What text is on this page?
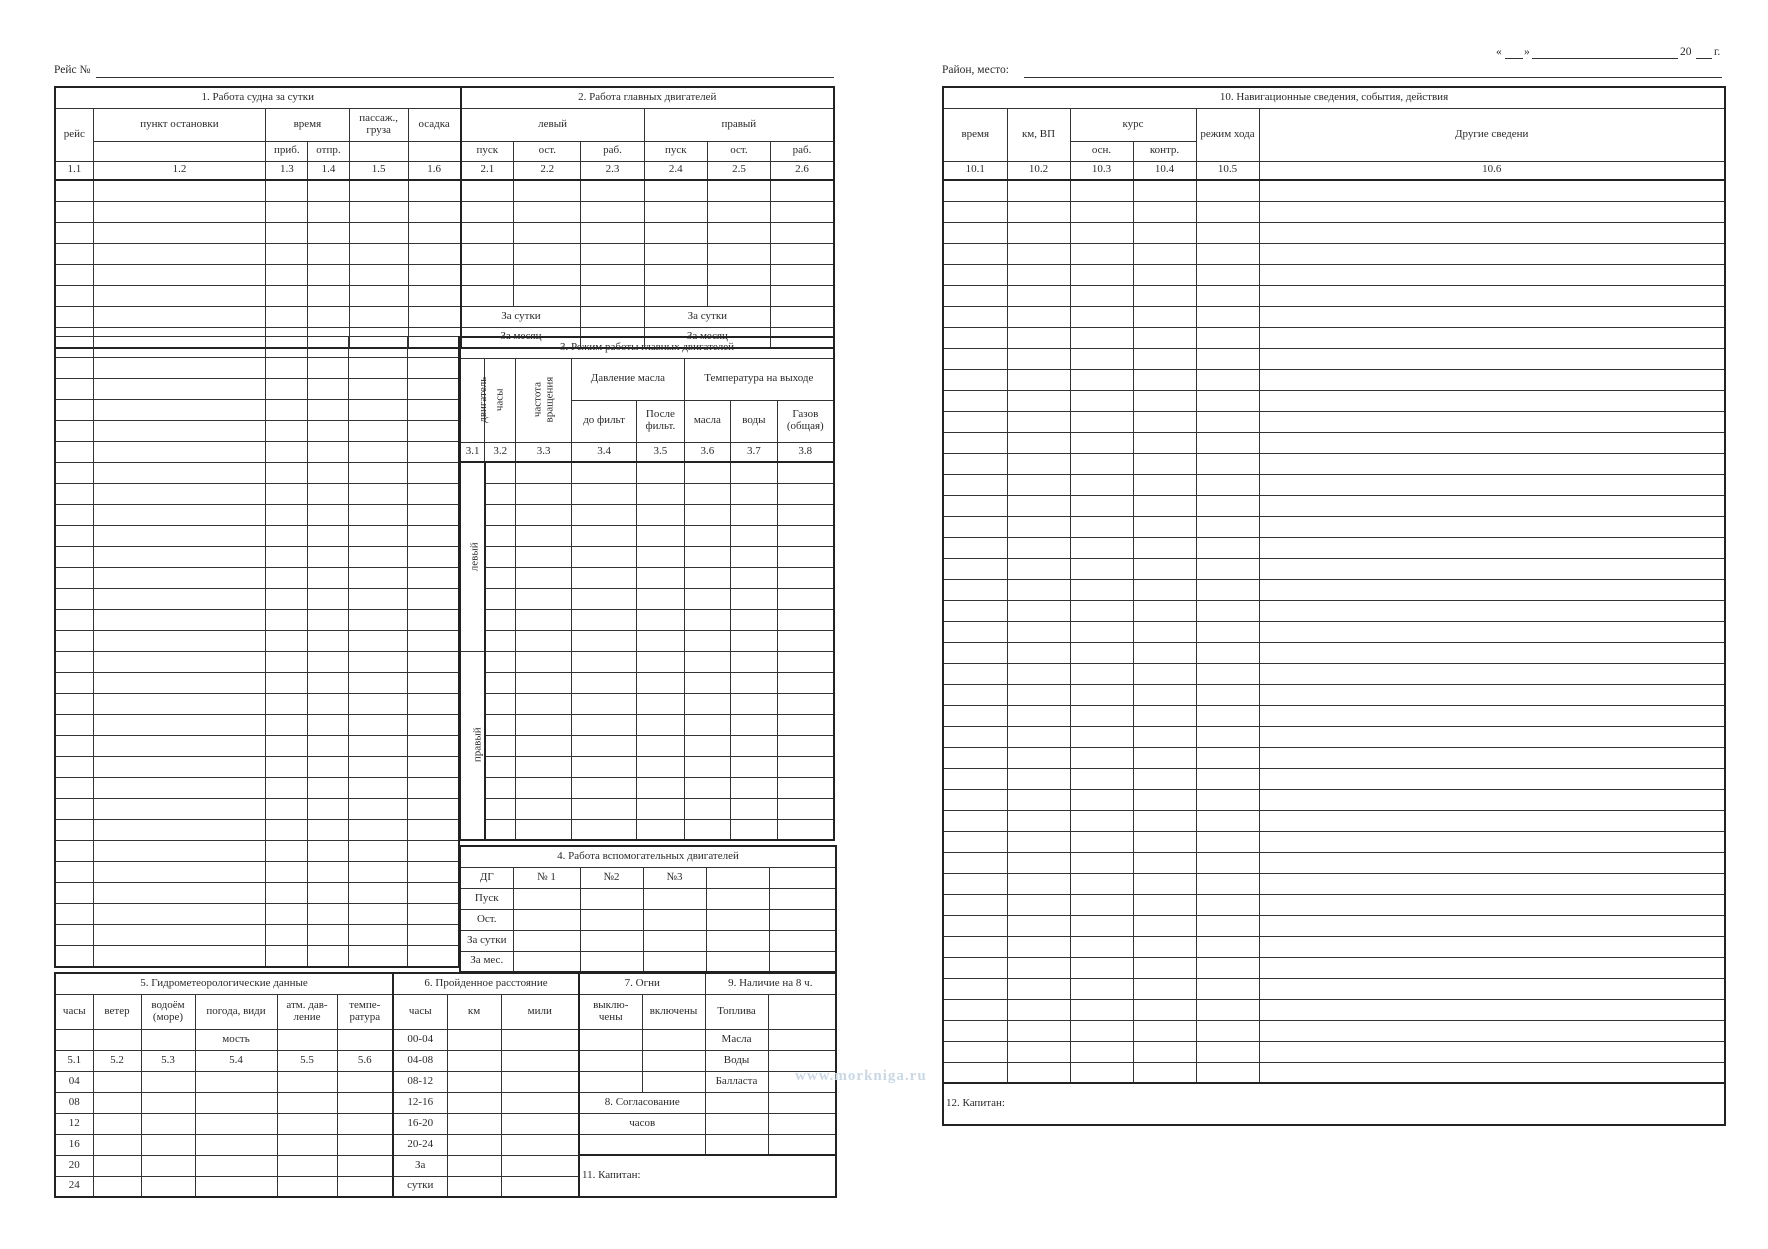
Рейс №
1. Работа судна за сутки						2. Работа главных двигателей					
рейс	пункт остановки	время		пассаж., груза	осадка	левый			правый		
		приб.	отпр.			пуск	ост.	раб.	пуск	ост.	раб.
1.1	1.2	1.3	1.4	1.5	1.6	2.1	2.2	2.3	2.4	2.5	2.6

						За сутки			За сутки		
						За месяц			За месяц		

3. Режим работы главных двигателей							
двигатель	часы	частота вращения	Давление масла		Температура на выходе		
			до фильт	После фильт.	масла	воды	Газов (общая)
3.1	3.2	3.3	3.4	3.5	3.6	3.7	3.8
левый							

правый							

4. Работа вспомогательных двигателей					
ДГ	№ 1	№2	№3		
Пуск					
Ост.					
За сутки					
За мес.					
5. Гидрометеорологические данные					
часы	ветер	водоём (море)	погода, види	атм. дав- ление	темпе- ратура
			мость		
5.1	5.2	5.3	5.4	5.5	5.6
04					
08					
12					
16					
20					
24					
6. Пройденное расстояние		
часы	км	мили
00-04		
04-08		
08-12		
12-16		
16-20		
20-24		
За		
сутки		
7. Огни		9. Наличие на 8 ч.	
выклю- чены	включены	Топлива	
		Масла	
		Воды	
		Балласта	
8. Согласование			
часов			

11. Капитан:			
« »	20 г.
Район, место:
10. Навигационные сведения, события, действия					
время	км, ВП	курс		режим хода	Другие сведени
		осн.	контр.		
10.1	10.2	10.3	10.4	10.5	10.6

12. Капитан:					
www.morkniga.ru
